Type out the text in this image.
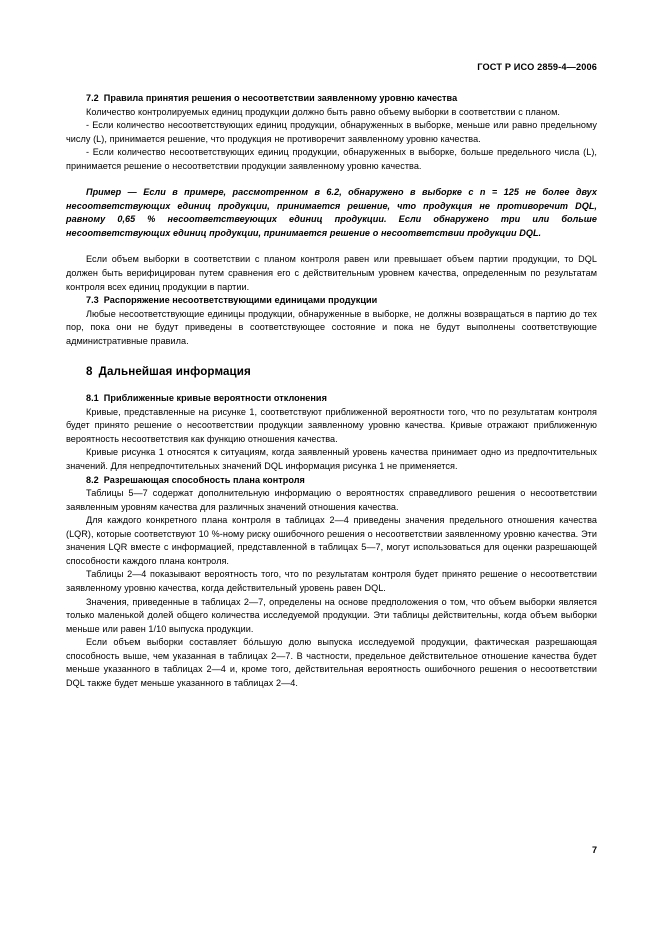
ГОСТ Р ИСО 2859-4—2006
7.2 Правила принятия решения о несоответствии заявленному уровню качества

Количество контролируемых единиц продукции должно быть равно объему выборки в соответствии с планом.

- Если количество несоответствующих единиц продукции, обнаруженных в выборке, меньше или равно предельному числу (L), принимается решение, что продукция не противоречит заявленному уровню качества.

- Если количество несоответствующих единиц продукции, обнаруженных в выборке, больше предельного числа (L), принимается решение о несоответствии продукции заявленному уровню качества.

Пример — Если в примере, рассмотренном в 6.2, обнаружено в выборке с n = 125 не более двух несоответствующих единиц продукции, принимается решение, что продукция не противоречит DQL, равному 0,65 % несоответствеующих единиц продукции. Если обнаружено три или больше несоответствующих единиц продукции, принимается решение о несоответствии продукции DQL.

Если объем выборки в соответствии с планом контроля равен или превышает объем партии продукции, то DQL должен быть верифицирован путем сравнения его с действительным уровнем качества, определенным по результатам контроля всех единиц продукции в партии.

7.3 Распоряжение несоответствующими единицами продукции

Любые несоответствующие единицы продукции, обнаруженные в выборке, не должны возвращаться в партию до тех пор, пока они не будут приведены в соответствующее состояние и пока не будут выполнены соответствующие административные правила.

8 Дальнейшая информация
8.1 Приближенные кривые вероятности отклонения

Кривые, представленные на рисунке 1, соответствуют приближенной вероятности того, что по результатам контроля будет принято решение о несоответствии продукции заявленному уровню качества. Кривые отражают приближенную вероятность несоответствия как функцию отношения качества.

Кривые рисунка 1 относятся к ситуациям, когда заявленный уровень качества принимает одно из предпочтительных значений. Для непредпочтительных значений DQL информация рисунка 1 не применяется.

8.2 Разрешающая способность плана контроля

Таблицы 5—7 содержат дополнительную информацию о вероятностях справедливого решения о несоответствии заявленным уровням качества для различных значений отношения качества.

Для каждого конкретного плана контроля в таблицах 2—4 приведены значения предельного отношения качества (LQR), которые соответствуют 10 %-ному риску ошибочного решения о несоответствии заявленному уровню качества. Эти значения LQR вместе с информацией, представленной в таблицах 5—7, могут использоваться для оценки разрешающей способности каждого плана контроля.

Таблицы 2—4 показывают вероятность того, что по результатам контроля будет принято решение о несоответствии заявленному уровню качества, когда действительный уровень равен DQL.

Значения, приведенные в таблицах 2—7, определены на основе предположения о том, что объем выборки является только маленькой долей общего количества исследуемой продукции. Эти таблицы действительны, когда объем выборки меньше или равен 1/10 выпуска продукции.

Если объем выборки составляет бóльшую долю выпуска исследуемой продукции, фактическая разрешающая способность выше, чем указанная в таблицах 2—7. В частности, предельное действительное отношение качества будет меньше указанного в таблицах 2—4 и, кроме того, действительная вероятность ошибочного решения о несоответствии DQL также будет меньше указанного в таблицах 2—4.

7
